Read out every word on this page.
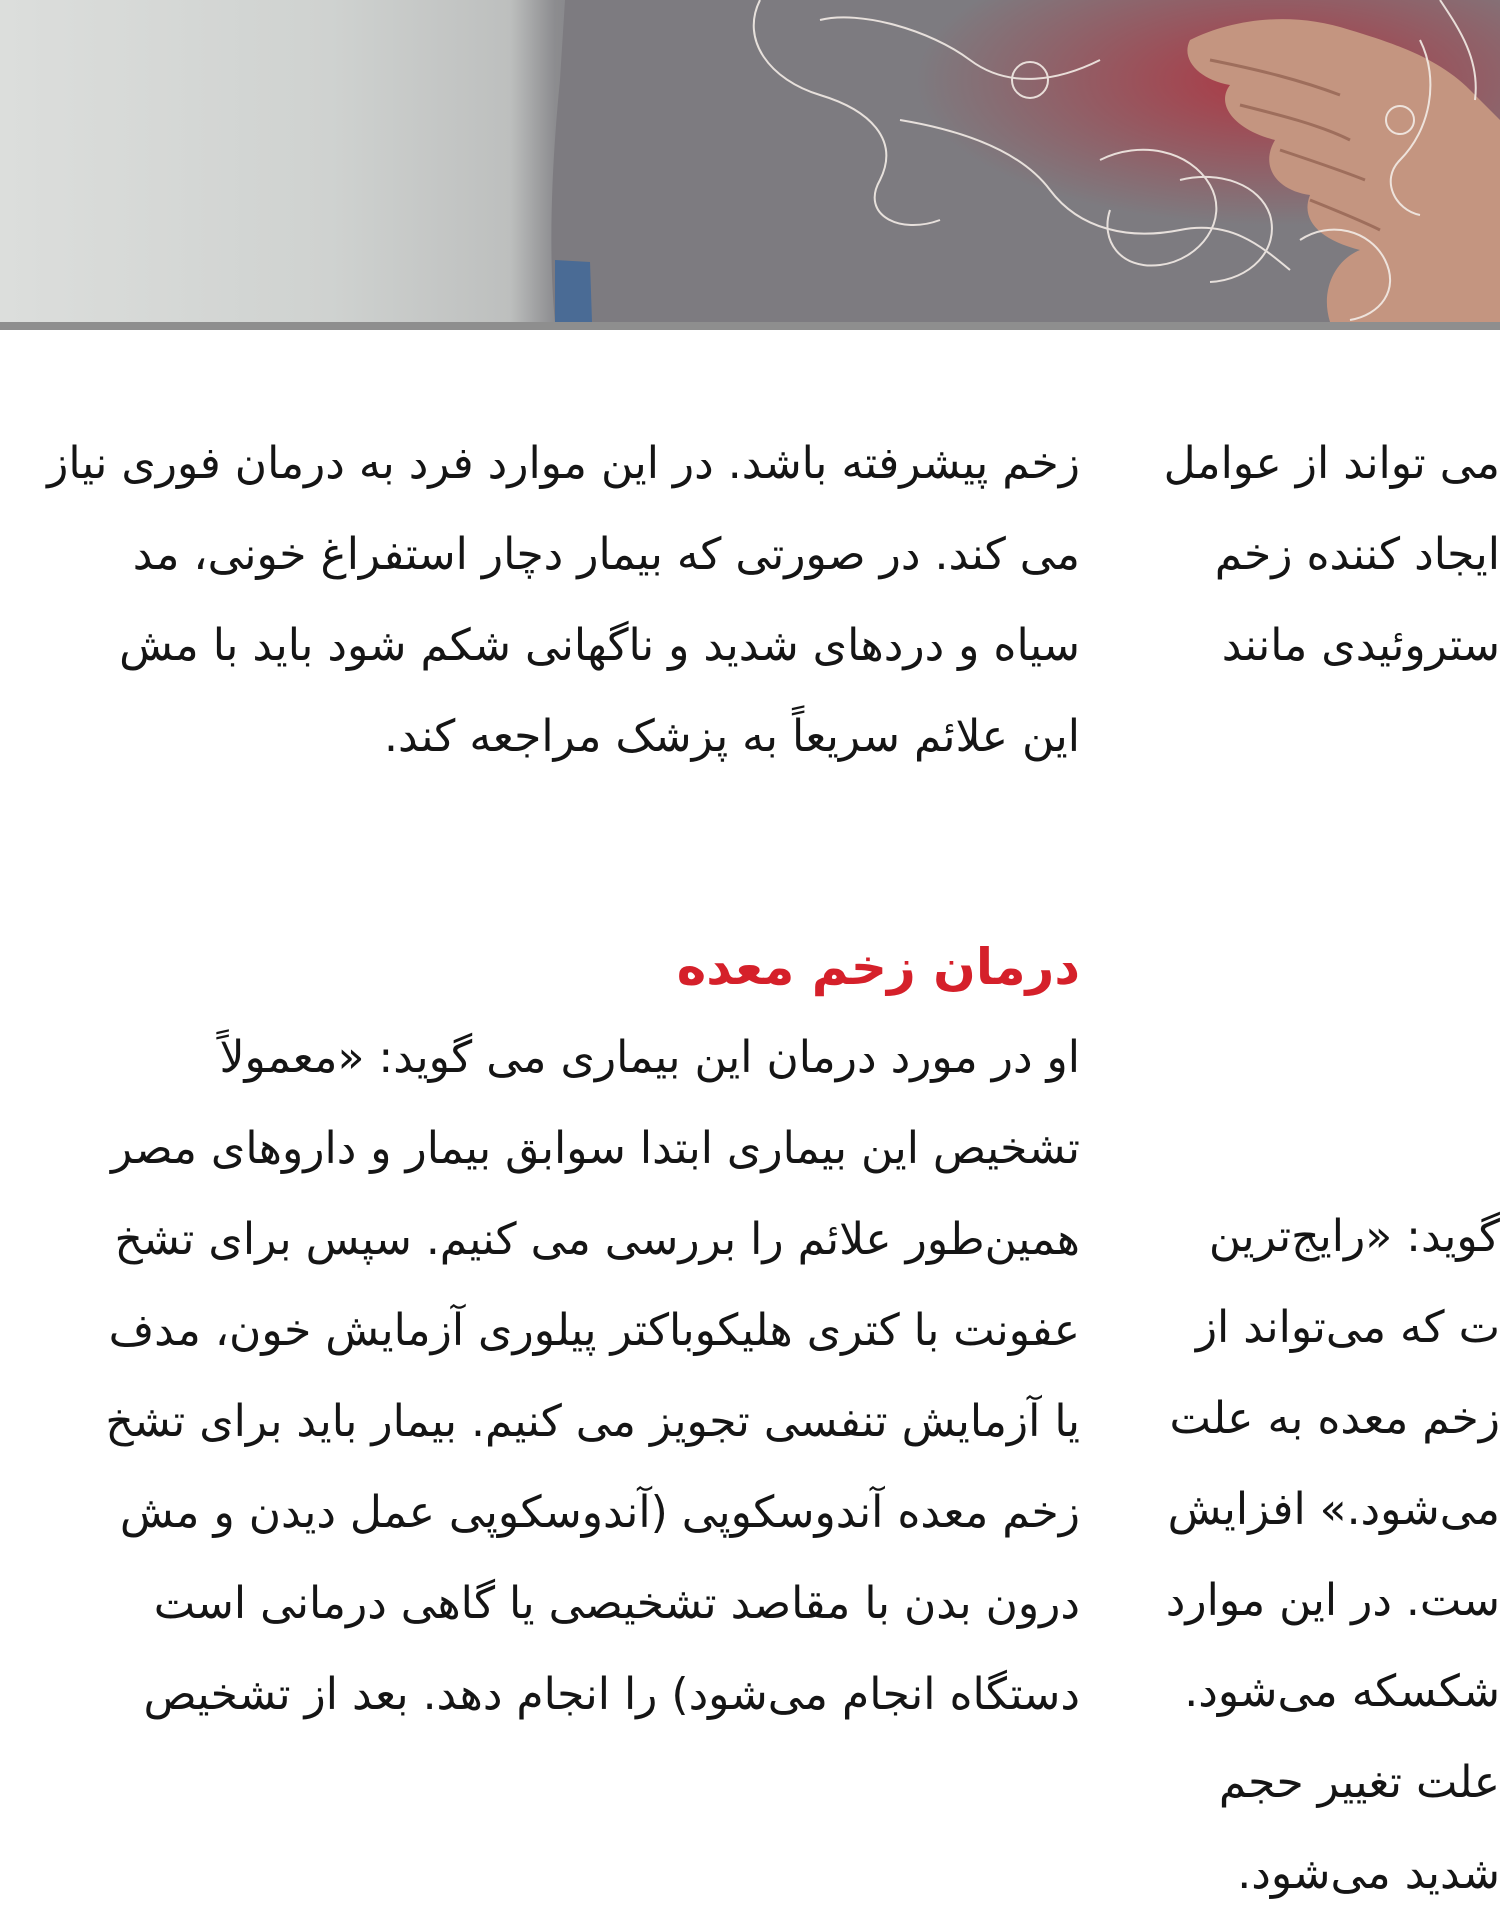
زخم پیشرفته باشد. در این موارد فرد به درمان فوری نیاز
می کند. در صورتی که بیمار دچار استفراغ خونی، مد
سیاه و دردهای شدید و ناگهانی شکم شود باید با مش
این علائم سریعاً به پزشک مراجعه کند.
درمان زخم معده
او در مورد درمان این بیماری می گوید: «معمولاً
تشخیص این بیماری ابتدا سوابق بیمار و داروهای مصر
همین‌طور علائم را بررسی می کنیم. سپس برای تشخ
عفونت با کتری هلیکوباکتر پیلوری آزمایش خون، مدف
یا آزمایش تنفسی تجویز می کنیم. بیمار باید برای تشخ
زخم معده آندوسکوپی (آندوسکوپی عمل دیدن و مش
درون بدن با مقاصد تشخیصی یا گاهی درمانی است
دستگاه انجام می‌شود) را انجام دهد. بعد از تشخیص
می تواند از عوامل
ایجاد کننده زخم
ستروئیدی مانند
گوید: «رایج‌ترین
ت که می‌تواند از
زخم معده به علت
می‌شود.» افزایش
ست. در این موارد
شکسکه می‌شود.
علت تغییر حجم
شدید می‌شود.
